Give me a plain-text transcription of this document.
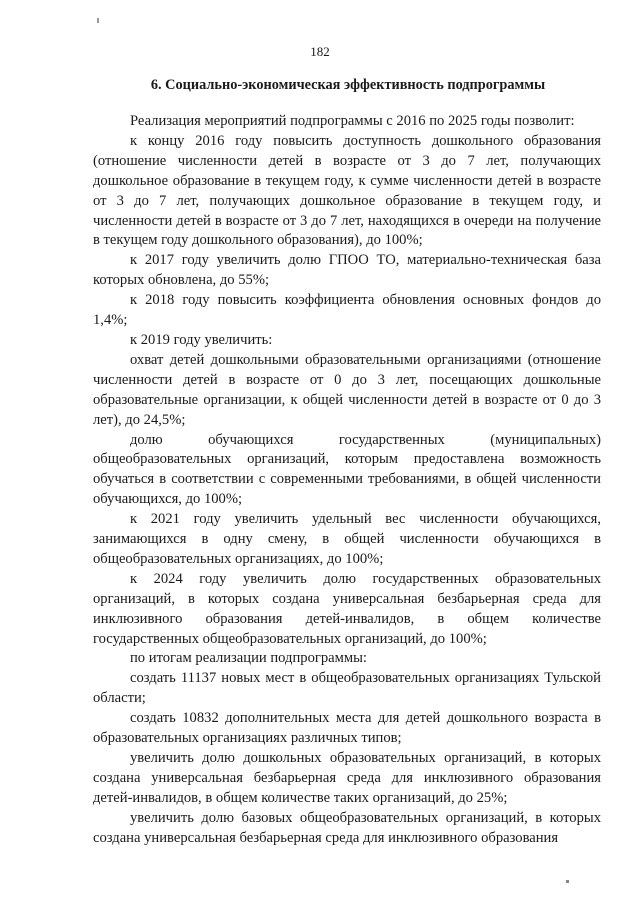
182
6. Социально-экономическая эффективность подпрограммы

Реализация мероприятий подпрограммы с 2016 по 2025 годы позволит:

к концу 2016 году повысить доступность дошкольного образования (отношение численности детей в возрасте от 3 до 7 лет, получающих дошкольное образование в текущем году, к сумме численности детей в возрасте от 3 до 7 лет, получающих дошкольное образование в текущем году, и численности детей в возрасте от 3 до 7 лет, находящихся в очереди на получение в текущем году дошкольного образования), до 100%;

к 2017 году увеличить долю ГПОО ТО, материально-техническая база которых обновлена, до 55%;

к 2018 году повысить коэффициента обновления основных фондов до 1,4%;

к 2019 году увеличить:

охват детей дошкольными образовательными организациями (отношение численности детей в возрасте от 0 до 3 лет, посещающих дошкольные образовательные организации, к общей численности детей в возрасте от 0 до 3 лет), до 24,5%;

долю обучающихся государственных (муниципальных) общеобразовательных организаций, которым предоставлена возможность обучаться в соответствии с современными требованиями, в общей численности обучающихся, до 100%;

к 2021 году увеличить удельный вес численности обучающихся, занимающихся в одну смену, в общей численности обучающихся в общеобразовательных организациях, до 100%;

к 2024 году увеличить долю государственных образовательных организаций, в которых создана универсальная безбарьерная среда для инклюзивного образования детей-инвалидов, в общем количестве государственных общеобразовательных организаций, до 100%;

по итогам реализации подпрограммы:

создать 11137 новых мест в общеобразовательных организациях Тульской области;

создать 10832 дополнительных места для детей дошкольного возраста в образовательных организациях различных типов;

увеличить долю дошкольных образовательных организаций, в которых создана универсальная безбарьерная среда для инклюзивного образования детей-инвалидов, в общем количестве таких организаций, до 25%;

увеличить долю базовых общеобразовательных организаций, в которых создана универсальная безбарьерная среда для инклюзивного образования
